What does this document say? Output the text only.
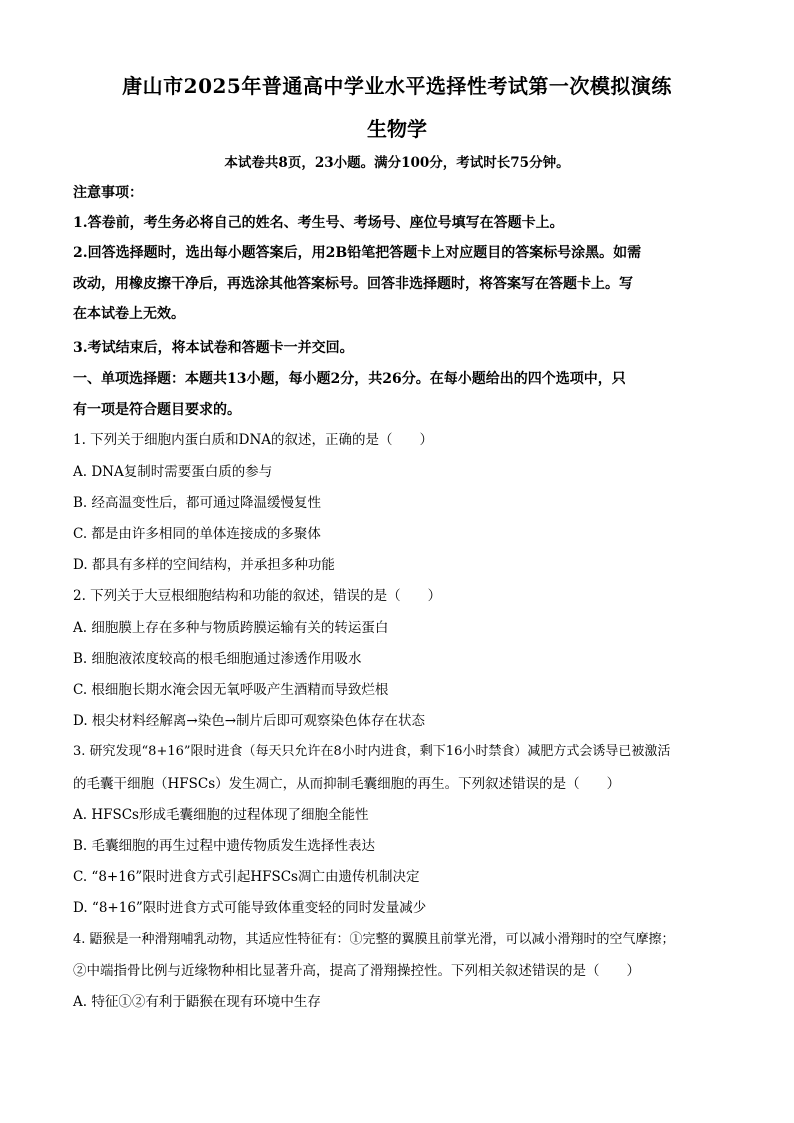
唐山市2025年普通高中学业水平选择性考试第一次模拟演练
生物学
本试卷共8页，23小题。满分100分，考试时长75分钟。
注意事项：
1.答卷前，考生务必将自己的姓名、考生号、考场号、座位号填写在答题卡上。
2.回答选择题时，选出每小题答案后，用2B铅笔把答题卡上对应题目的答案标号涂黑。如需
改动，用橡皮擦干净后，再选涂其他答案标号。回答非选择题时，将答案写在答题卡上。写
在本试卷上无效。
3.考试结束后，将本试卷和答题卡一并交回。
一、单项选择题：本题共13小题，每小题2分，共26分。在每小题给出的四个选项中，只
有一项是符合题目要求的。
1. 下列关于细胞内蛋白质和DNA的叙述，正确的是（　　）
A. DNA复制时需要蛋白质的参与
B. 经高温变性后，都可通过降温缓慢复性
C. 都是由许多相同的单体连接成的多聚体
D. 都具有多样的空间结构，并承担多种功能
2. 下列关于大豆根细胞结构和功能的叙述，错误的是（　　）
A. 细胞膜上存在多种与物质跨膜运输有关的转运蛋白
B. 细胞液浓度较高的根毛细胞通过渗透作用吸水
C. 根细胞长期水淹会因无氧呼吸产生酒精而导致烂根
D. 根尖材料经解离→染色→制片后即可观察染色体存在状态
3. 研究发现“8+16”限时进食（每天只允许在8小时内进食，剩下16小时禁食）减肥方式会诱导已被激活
的毛囊干细胞（HFSCs）发生凋亡，从而抑制毛囊细胞的再生。下列叙述错误的是（　　）
A. HFSCs形成毛囊细胞的过程体现了细胞全能性
B. 毛囊细胞的再生过程中遗传物质发生选择性表达
C. “8+16”限时进食方式引起HFSCs凋亡由遗传机制决定
D. “8+16”限时进食方式可能导致体重变轻的同时发量减少
4. 鼯猴是一种滑翔哺乳动物，其适应性特征有：①完整的翼膜且前掌光滑，可以减小滑翔时的空气摩擦；
②中端指骨比例与近缘物种相比显著升高，提高了滑翔操控性。下列相关叙述错误的是（　　）
A. 特征①②有利于鼯猴在现有环境中生存
